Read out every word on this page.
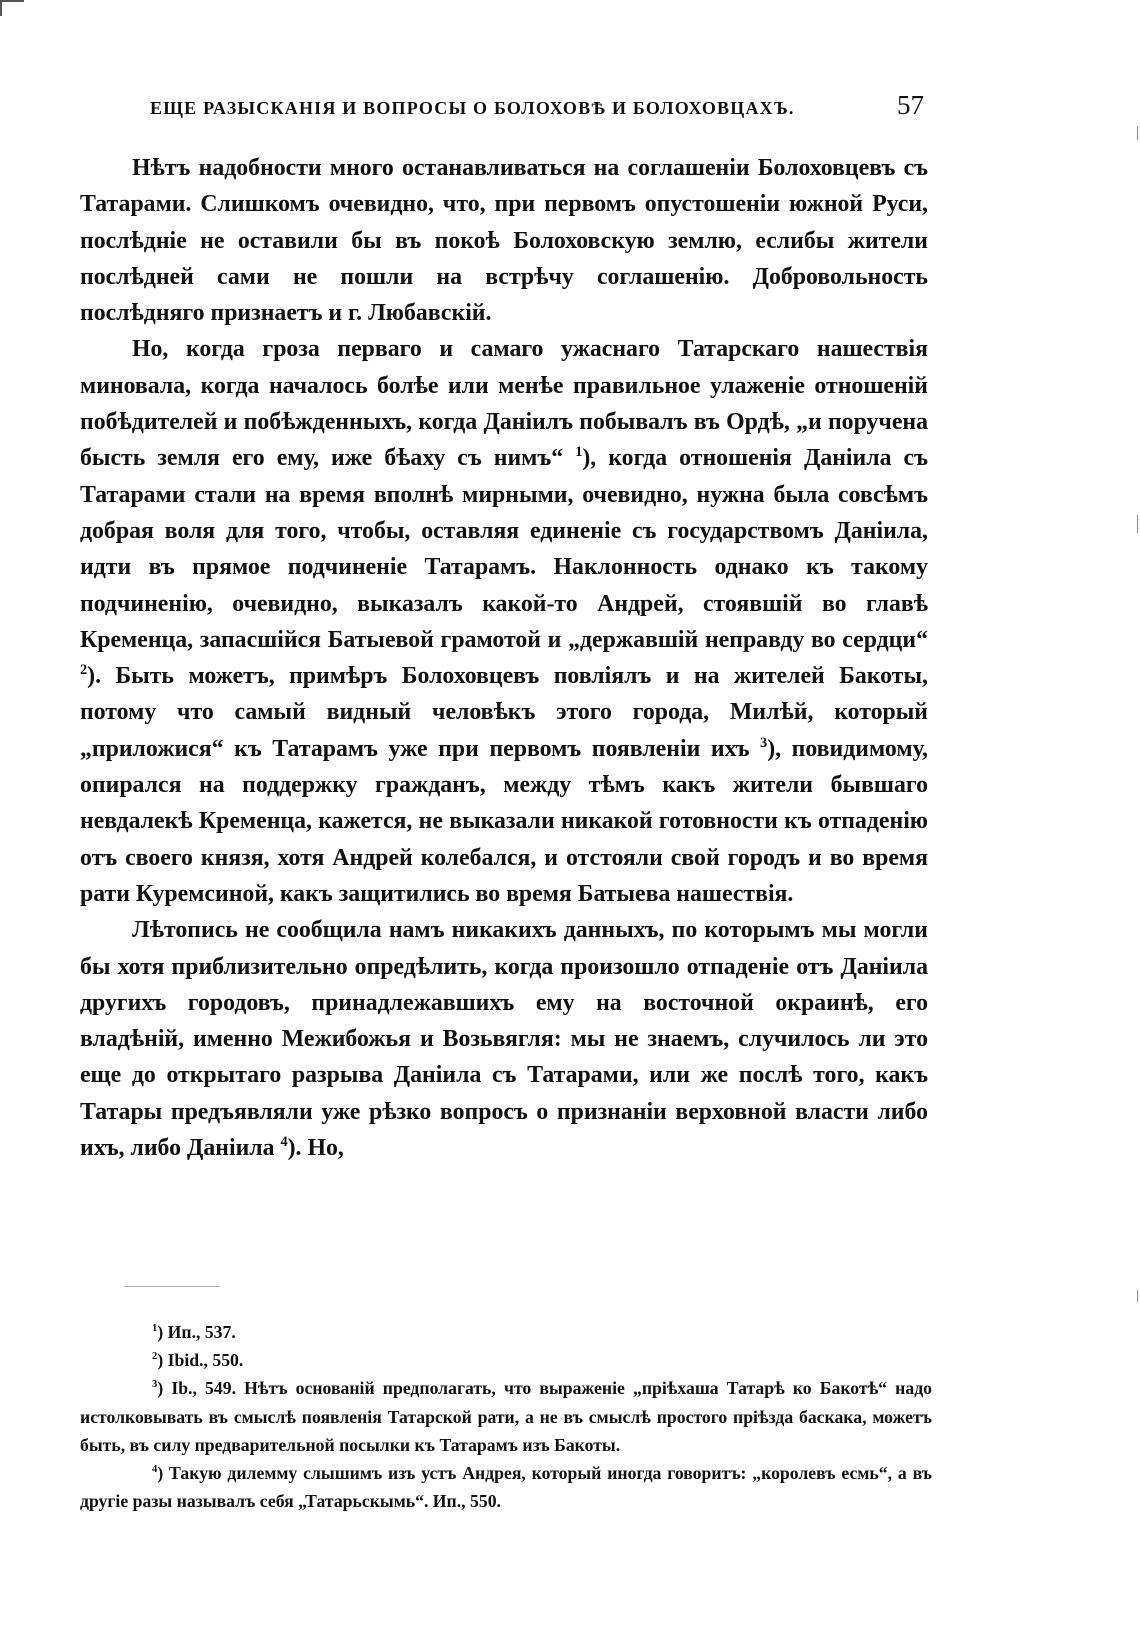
ЕЩЕ РАЗЫСКАНІЯ И ВОПРОСЫ О БОЛОХОВѢ И БОЛОХОВЦАХЪ.	57

Нѣтъ надобности много останавливаться на соглашеніи Болоховцевъ съ Татарами. Слишкомъ очевидно, что, при первомъ опустошеніи южной Руси, послѣдніе не оставили бы въ покоѣ Болоховскую землю, еслибы жители послѣдней сами не пошли на встрѣчу соглашенію. Добровольность послѣдняго признаетъ и г. Любавскій.

Но, когда гроза перваго и самаго ужаснаго Татарскаго нашествія миновала, когда началось болѣе или менѣе правильное улаженіе отношеній побѣдителей и побѣжденныхъ, когда Даніилъ побывалъ въ Ордѣ, „и поручена бысть земля его ему, иже бѣаху съ нимъ“ $^1$), когда отношенія Даніила съ Татарами стали на время вполнѣ мирными, очевидно, нужна была совсѣмъ добрая воля для того, чтобы, оставляя единеніе съ государствомъ Даніила, идти въ прямое подчиненіе Татарамъ. Наклонность однако къ такому подчиненію, очевидно, выказалъ какой-то Андрей, стоявшій во главѣ Кременца, запасшійся Батыевой грамотой и „державшій неправду во сердци“ $^2$). Быть можетъ, примѣръ Болоховцевъ повліялъ и на жителей Бакоты, потому что самый видный человѣкъ этого города, Милѣй, который „приложися“ къ Татарамъ уже при первомъ появленіи ихъ $^3$), повидимому, опирался на поддержку гражданъ, между тѣмъ какъ жители бывшаго невдалекѣ Кременца, кажется, не выказали никакой готовности къ отпаденію отъ своего князя, хотя Андрей колебался, и отстояли свой городъ и во время рати Куремсиной, какъ защитились во время Батыева нашествія.

Лѣтопись не сообщила намъ никакихъ данныхъ, по которымъ мы могли бы хотя приблизительно опредѣлить, когда произошло отпаденіе отъ Даніила другихъ городовъ, принадлежавшихъ ему на восточной окраинѣ, его владѣній, именно Межибожья и Возьвягля: мы не знаемъ, случилось ли это еще до открытаго разрыва Даніила съ Татарами, или же послѣ того, какъ Татары предъявляли уже рѣзко вопросъ о признаніи верховной власти либо ихъ, либо Даніила $^4$). Но,

$^1$) Ип., 537.

$^2$) Ibid., 550.

$^3$) Ib., 549. Нѣтъ основаній предполагать, что выраженіе „пріѣхаша Татарѣ ко Бакотѣ“ надо истолковывать въ смыслѣ появленія Татарской рати, а не въ смыслѣ простого пріѣзда баскака, можетъ быть, въ силу предварительной посылки къ Татарамъ изъ Бакоты.

$^4$) Такую дилемму слышимъ изъ устъ Андрея, который иногда говоритъ: „королевъ есмь“, а въ другіе разы называлъ себя „Татарьскымь“. Ип., 550.
